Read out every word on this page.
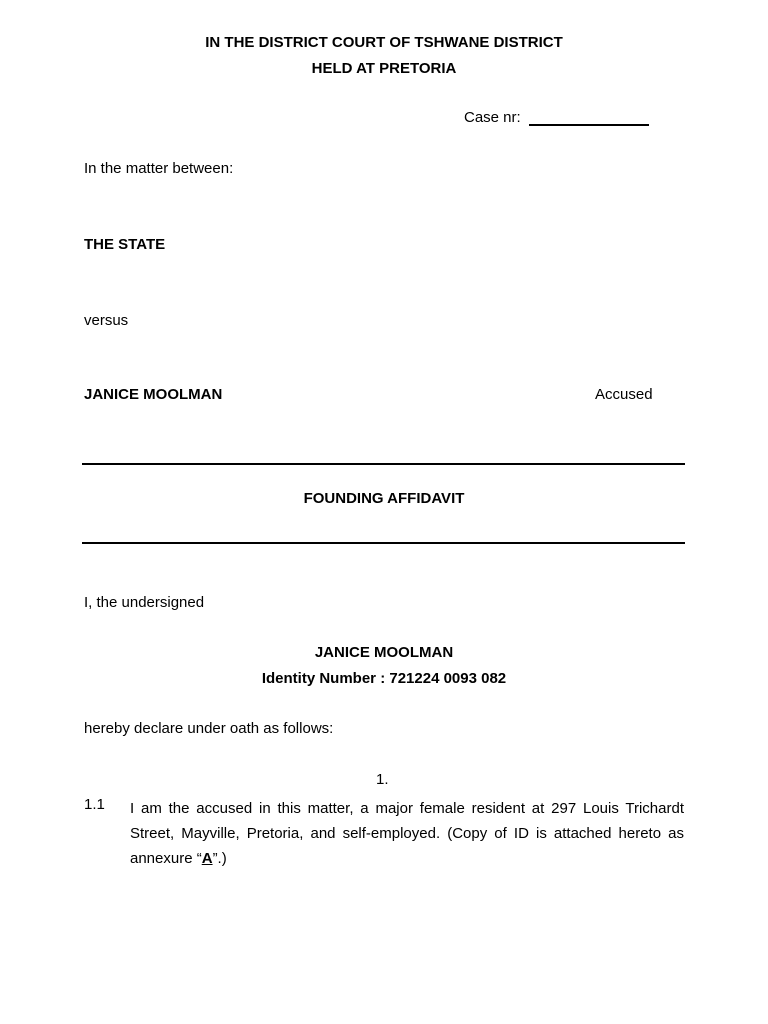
IN THE DISTRICT COURT OF TSHWANE DISTRICT
HELD AT PRETORIA
Case nr:
In the matter between:
THE STATE
versus
JANICE MOOLMAN	Accused
FOUNDING AFFIDAVIT
I, the undersigned
JANICE MOOLMAN
Identity Number : 721224 0093 082
hereby declare under oath as follows:
1.
1.1 I am the accused in this matter, a major female resident at 297 Louis Trichardt Street, Mayville, Pretoria, and self-employed. (Copy of ID is attached hereto as annexure “A”.)
